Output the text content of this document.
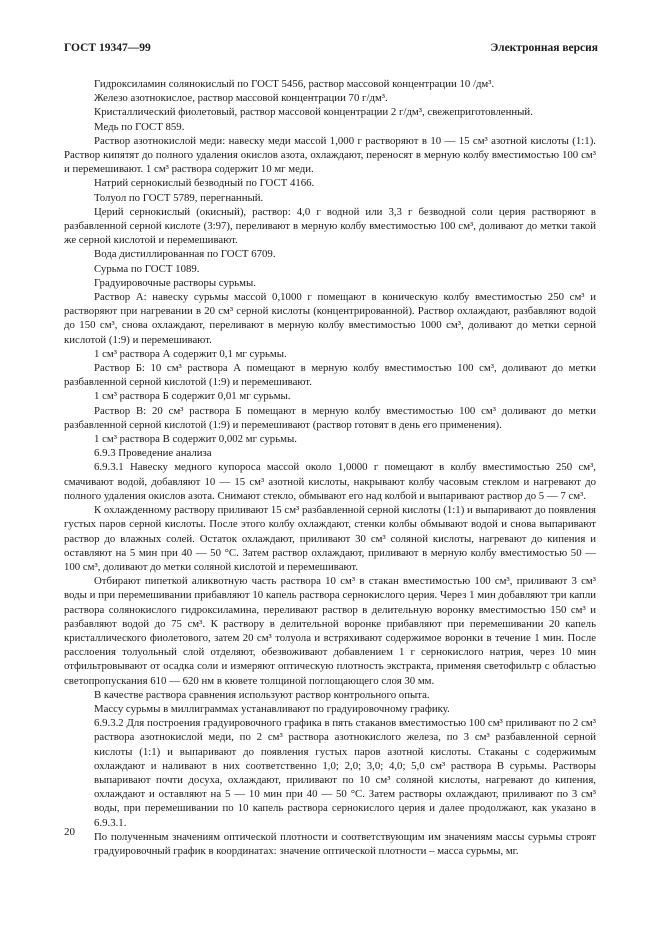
ГОСТ 19347—99	Электронная версия

Гидроксиламин солянокислый по ГОСТ 5456, раствор массовой концентрации 10 /дм³.

Железо азотнокислое, раствор массовой концентрации 70 г/дм³.

Кристаллический фиолетовый, раствор массовой концентрации 2 г/дм³, свежеприготовленный.

Медь по ГОСТ 859.

Раствор азотнокислой меди: навеску меди массой 1,000 г растворяют в 10 — 15 см³ азотной кислоты (1:1). Раствор кипятят до полного удаления окислов азота, охлаждают, переносят в мерную колбу вместимостью 100 см³ и перемешивают. 1 см³ раствора содержит 10 мг меди.

Натрий сернокислый безводный по ГОСТ 4166.

Толуол по ГОСТ 5789, перегнанный.

Церий сернокислый (окисный), раствор: 4,0 г водной или 3,3 г безводной соли церия растворяют в разбавленной серной кислоте (3:97), переливают в мерную колбу вместимостью 100 см³, доливают до метки такой же серной кислотой и перемешивают.

Вода дистиллированная по ГОСТ 6709.

Сурьма по ГОСТ 1089.

Градуировочные растворы сурьмы.

Раствор А: навеску сурьмы массой 0,1000 г помещают в коническую колбу вместимостью 250 см³ и растворяют при нагревании в 20 см³ серной кислоты (концентрированной). Раствор охлаждают, разбавляют водой до 150 см³, снова охлаждают, переливают в мерную колбу вместимостью 1000 см³, доливают до метки серной кислотой (1:9) и перемешивают.

1 см³ раствора А содержит 0,1 мг сурьмы.

Раствор Б: 10 см³ раствора А помещают в мерную колбу вместимостью 100 см³, доливают до метки разбавленной серной кислотой (1:9) и перемешивают.

1 см³ раствора Б содержит 0,01 мг сурьмы.

Раствор В: 20 см³ раствора Б помещают в мерную колбу вместимостью 100 см³ доливают до метки разбавленной серной кислотой (1:9) и перемешивают (раствор готовят в день его применения).

1 см³ раствора В содержит 0,002 мг сурьмы.

6.9.3 Проведение анализа

6.9.3.1 Навеску медного купороса массой около 1,0000 г помещают в колбу вместимостью 250 см³, смачивают водой, добавляют 10 — 15 см³ азотной кислоты, накрывают колбу часовым стеклом и нагревают до полного удаления окислов азота. Снимают стекло, обмывают его над колбой и выпаривают раствор до 5 — 7 см³.

К охлажденному раствору приливают 15 см³ разбавленной серной кислоты (1:1) и выпаривают до появления густых паров серной кислоты. После этого колбу охлаждают, стенки колбы обмывают водой и снова выпаривают раствор до влажных солей. Остаток охлаждают, приливают 30 см³ соляной кислоты, нагревают до кипения и оставляют на 5 мин при 40 — 50 °С. Затем раствор охлаждают, приливают в мерную колбу вместимостью 50 — 100 см³, доливают до метки соляной кислотой и перемешивают.

Отбирают пипеткой аликвотную часть раствора 10 см³ в стакан вместимостью 100 см³, приливают 3 см³ воды и при перемешивании прибавляют 10 капель раствора сернокислого церия. Через 1 мин добавляют три капли раствора солянокислого гидроксиламина, переливают раствор в делительную воронку вместимостью 150 см³ и разбавляют водой до 75 см³. К раствору в делительной воронке прибавляют при перемешивании 20 капель кристаллического фиолетового, затем 20 см³ толуола и встряхивают содержимое воронки в течение 1 мин. После расслоения толуольный слой отделяют, обезвоживают добавлением 1 г сернокислого натрия, через 10 мин отфильтровывают от осадка соли и измеряют оптическую плотность экстракта, применяя светофильтр с областью светопропускания 610 — 620 нм в кювете толщиной поглощающего слоя 30 мм.

В качестве раствора сравнения используют раствор контрольного опыта.

Массу сурьмы в миллиграммах устанавливают по градуировочному графику.

6.9.3.2 Для построения градуировочного графика в пять стаканов вместимостью 100 см³ приливают по 2 см³ раствора азотнокислой меди, по 2 см³ раствора азотнокислого железа, по 3 см³ разбавленной серной кислоты (1:1) и выпаривают до появления густых паров азотной кислоты. Стаканы с содержимым охлаждают и наливают в них соответственно 1,0; 2,0; 3,0; 4,0; 5,0 см³ раствора В сурьмы. Растворы выпаривают почти досуха, охлаждают, приливают по 10 см³ соляной кислоты, нагревают до кипения, охлаждают и оставляют на 5 — 10 мин при 40 — 50 °С. Затем растворы охлаждают, приливают по 3 см³ воды, при перемешивании по 10 капель раствора сернокислого церия и далее продолжают, как указано в 6.9.3.1.

По полученным значениям оптической плотности и соответствующим им значениям массы сурьмы строят градуировочный график в координатах: значение оптической плотности – масса сурьмы, мг.

20
